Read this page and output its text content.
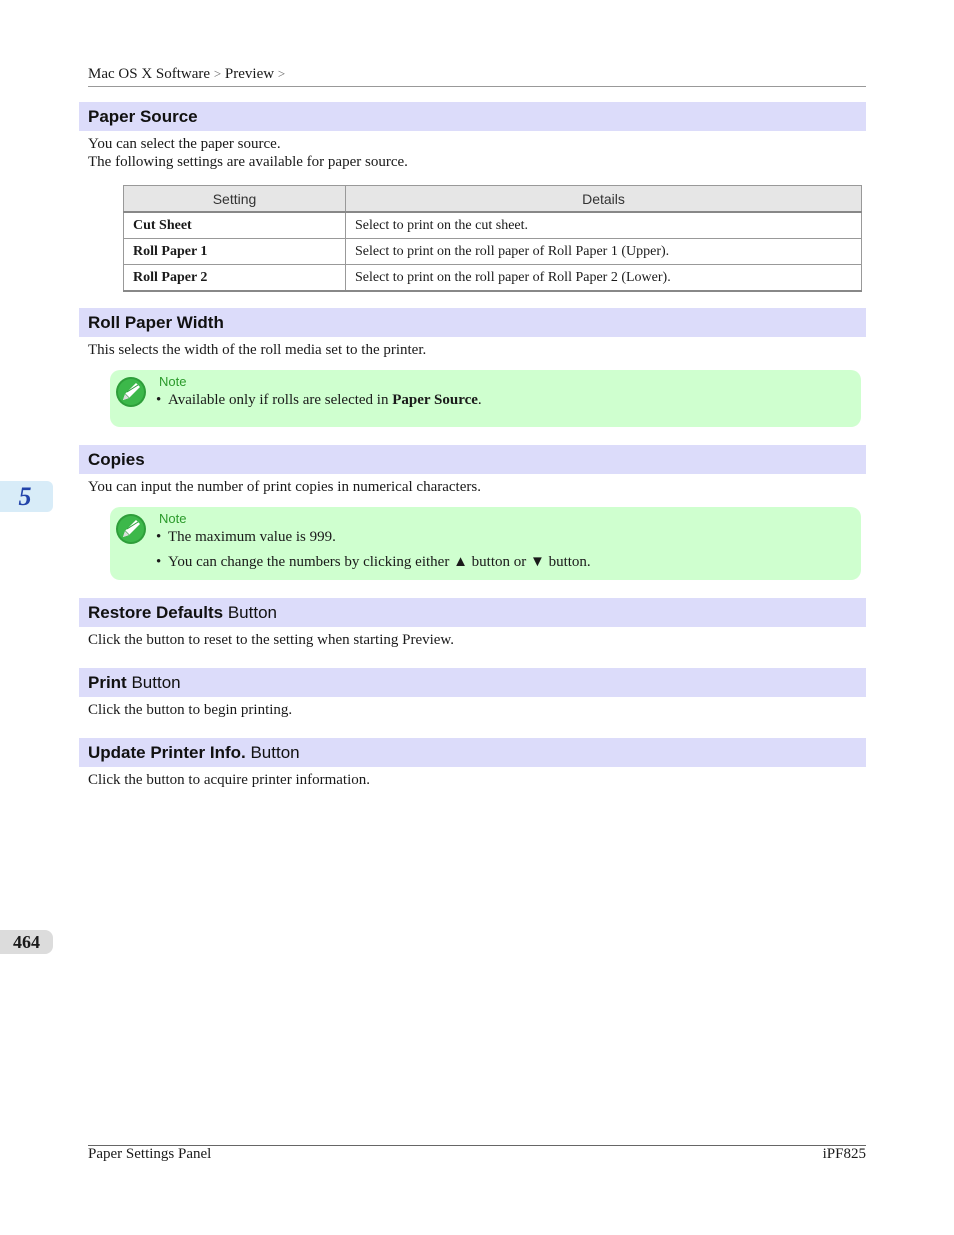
Mac OS X Software > Preview >
Paper Source
You can select the paper source.
The following settings are available for paper source.
Setting	Details
Cut Sheet	Select to print on the cut sheet.
Roll Paper 1	Select to print on the roll paper of Roll Paper 1 (Upper).
Roll Paper 2	Select to print on the roll paper of Roll Paper 2 (Lower).
Roll Paper Width
This selects the width of the roll media set to the printer.
Note
• Available only if rolls are selected in Paper Source.
5
Copies
You can input the number of print copies in numerical characters.
Note
• The maximum value is 999.
• You can change the numbers by clicking either ▲ button or ▼ button.
Restore Defaults Button
Click the button to reset to the setting when starting Preview.
Print Button
Click the button to begin printing.
Update Printer Info. Button
Click the button to acquire printer information.
464
Paper Settings Panel	iPF825
